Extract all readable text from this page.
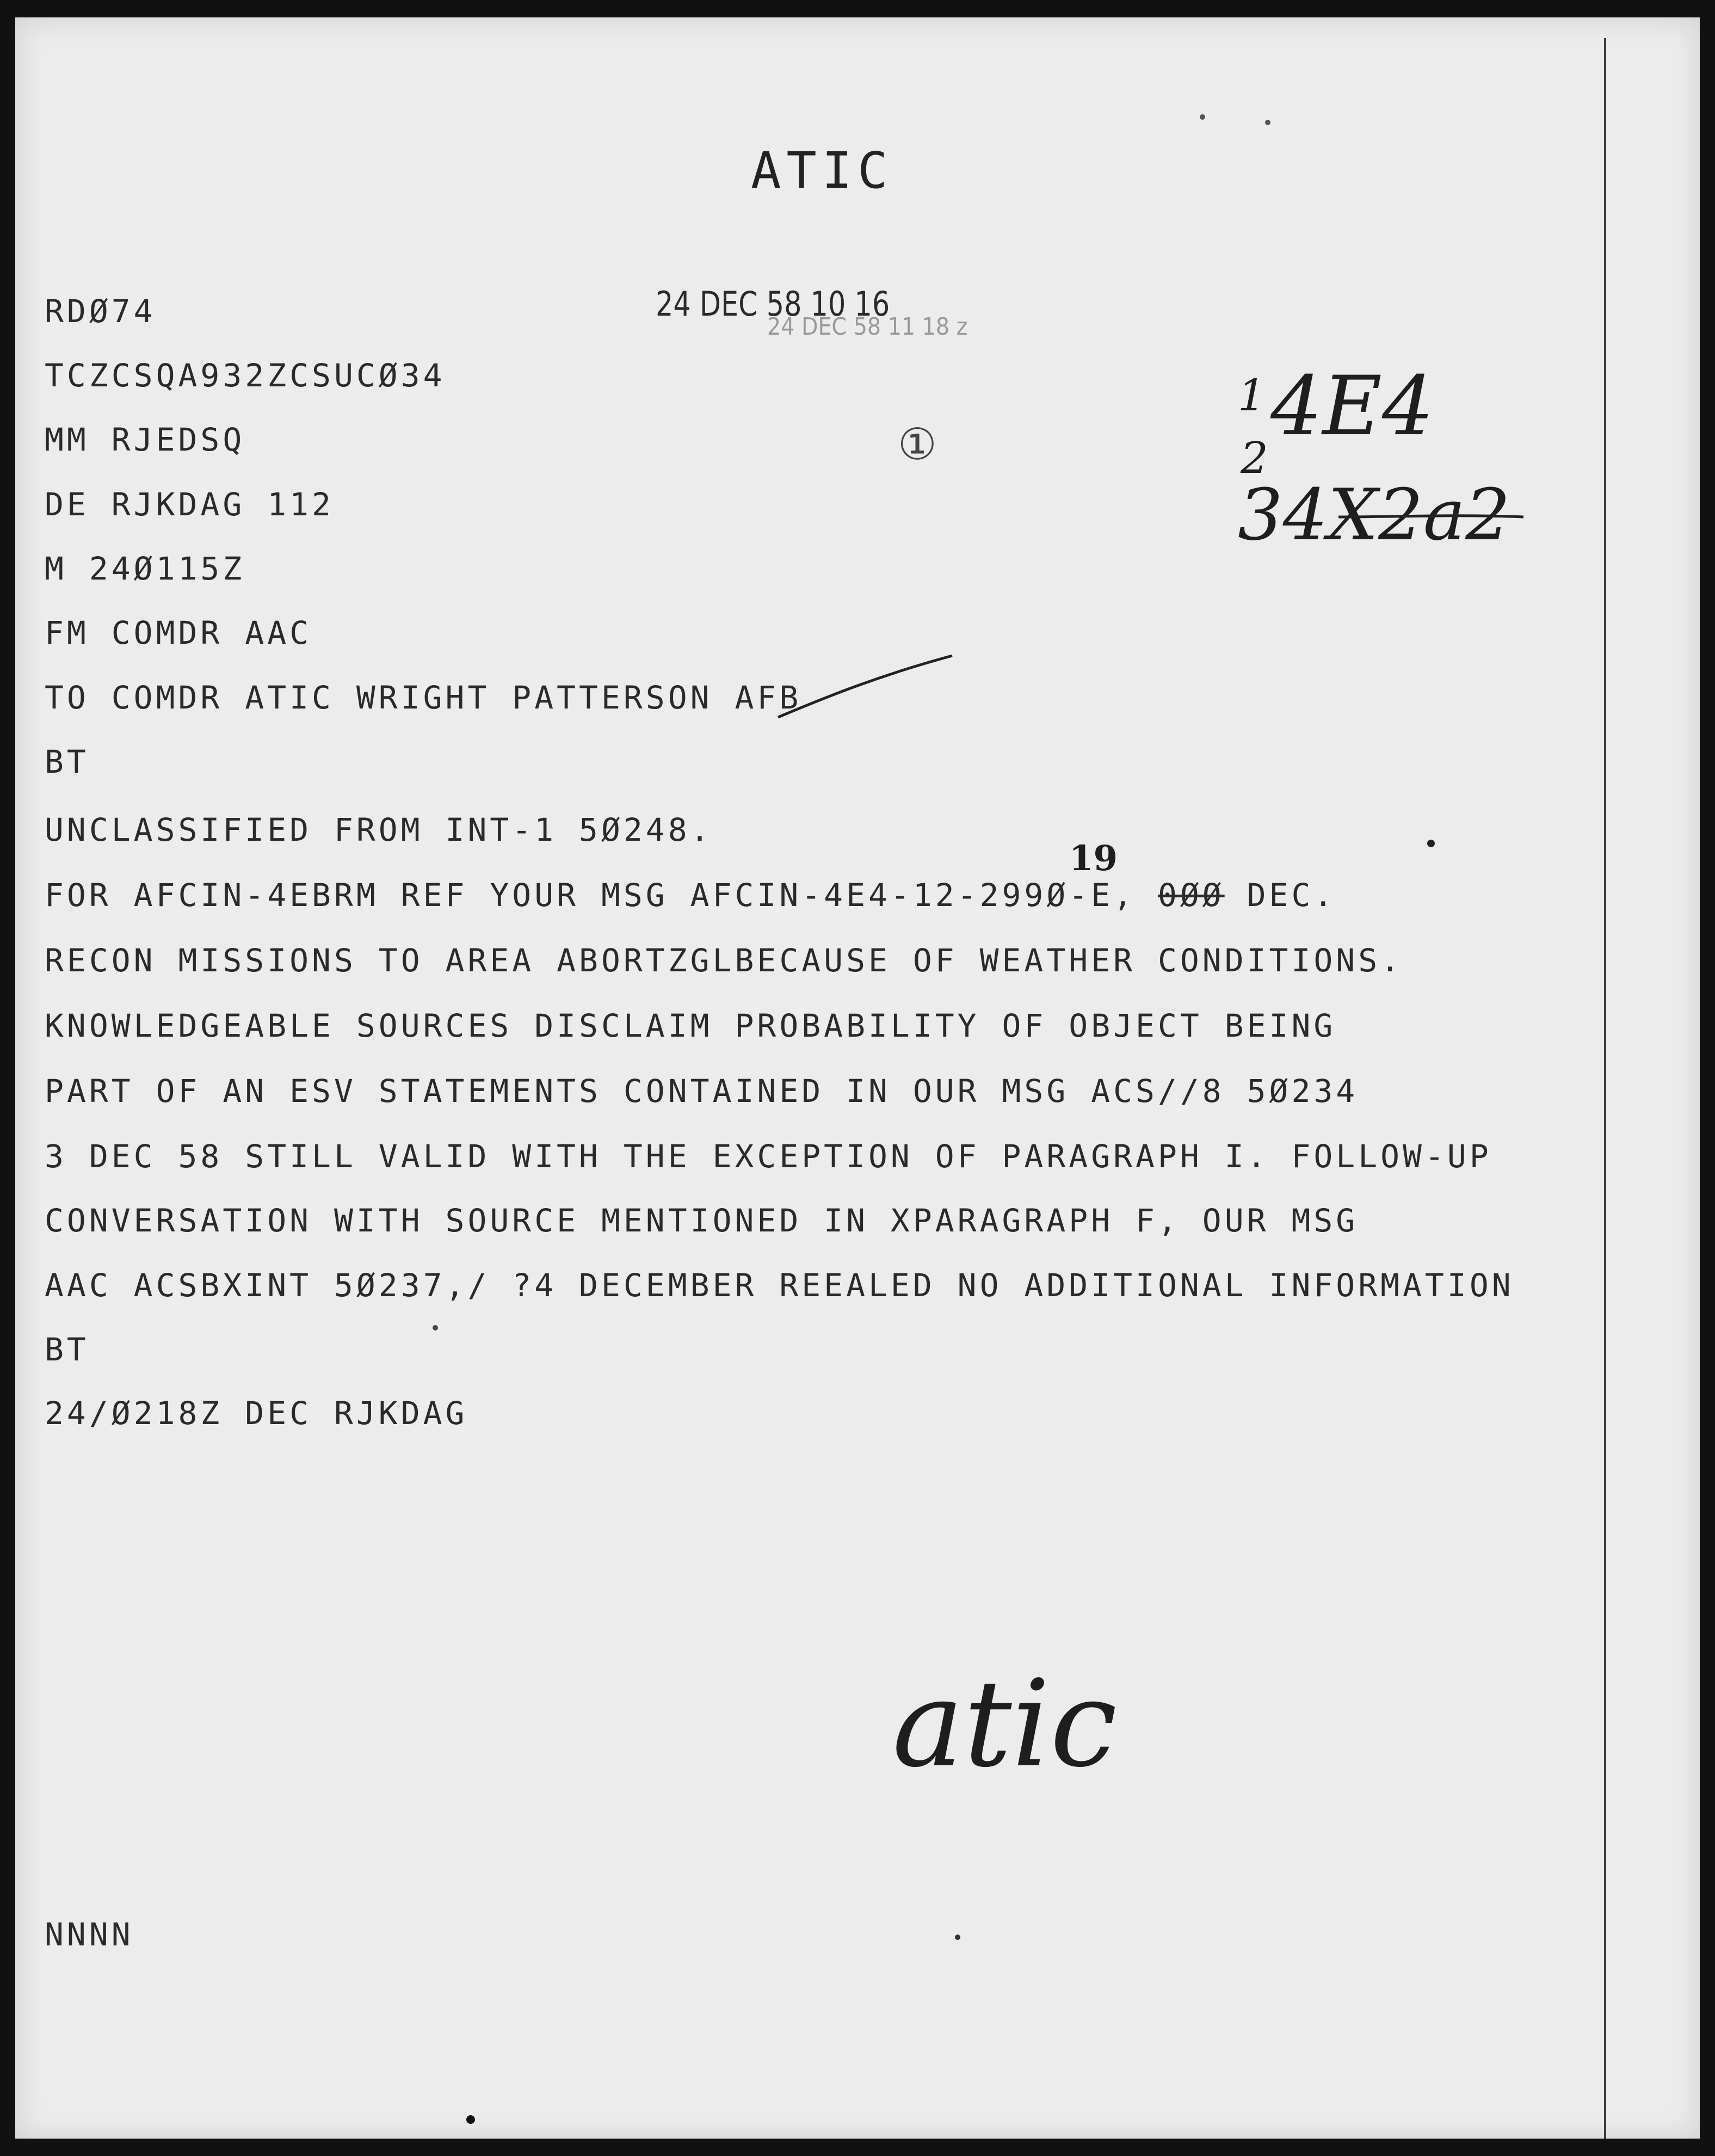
ATIC
24 DEC 58 10 16
24 DEC 58 11 18 z
1
2
4E4
34X2a2
①
RDØ74
TCZCSQA932ZCSUCØ34
MM RJEDSQ
DE RJKDAG 112
M 24Ø115Z
FM COMDR AAC
TO COMDR ATIC WRIGHT PATTERSON AFB
BT
UNCLASSIFIED FROM INT-1 5Ø248.
FOR AFCIN-4EBRM REF YOUR MSG AFCIN-4E4-12-299Ø-E, 0ØØ DEC.
19
RECON MISSIONS TO AREA ABORTZGLBECAUSE OF WEATHER CONDITIONS.
KNOWLEDGEABLE SOURCES DISCLAIM PROBABILITY OF OBJECT BEING
PART OF AN ESV STATEMENTS CONTAINED IN OUR MSG ACS//8 5Ø234
3 DEC 58 STILL VALID WITH THE EXCEPTION OF PARAGRAPH I. FOLLOW-UP
CONVERSATION WITH SOURCE MENTIONED IN XPARAGRAPH F, OUR MSG
AAC ACSBXINT 5Ø237,/ ?4 DECEMBER REEALED NO ADDITIONAL INFORMATION
BT
24/Ø218Z DEC RJKDAG
atic
NNNN
